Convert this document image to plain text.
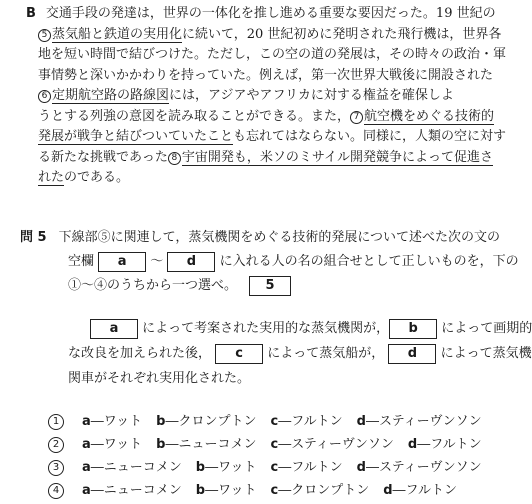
B 交通手段の発達は，世界の一体化を推し進める重要な要因だった。19 世紀の
5 蒸気船と鉄道の実用化に続いて，20 世紀初めに発明された飛行機は，世界各
地を短い時間で結びつけた。ただし，この空の道の発展は，その時々の政治・軍
事情勢と深いかかわりを持っていた。例えば，第一次世界大戦後に開設された
6 定期航空路の路線図には，アジアやアフリカに対する権益を確保しよ
うとする列強の意図を読み取ることができる。また， 7 航空機をめぐる技術的
発展が戦争と結びついていたことも忘れてはならない。同様に，人類の空に対す
る新たな挑戦であった 8 宇宙開発も，米ソのミサイル開発競争によって促進さ
れたのである。
問 5 下線部⑤に関連して，蒸気機関をめぐる技術的発展について述べた次の文の
空欄 a ～ d に入れる人の名の組合せとして正しいものを，下の
①～④のうちから一つ選べ。 5
a によって考案された実用的な蒸気機関が， b によって画期的
な改良を加えられた後， c によって蒸気船が， d によって蒸気機
関車がそれぞれ実用化された。
1 a―ワット b―クロンプトン c―フルトン d―スティーヴンソン
2 a―ワット b―ニューコメン c―スティーヴンソン d―フルトン
3 a―ニューコメン b―ワット c―フルトン d―スティーヴンソン
4 a―ニューコメン b―ワット c―クロンプトン d―フルトン
